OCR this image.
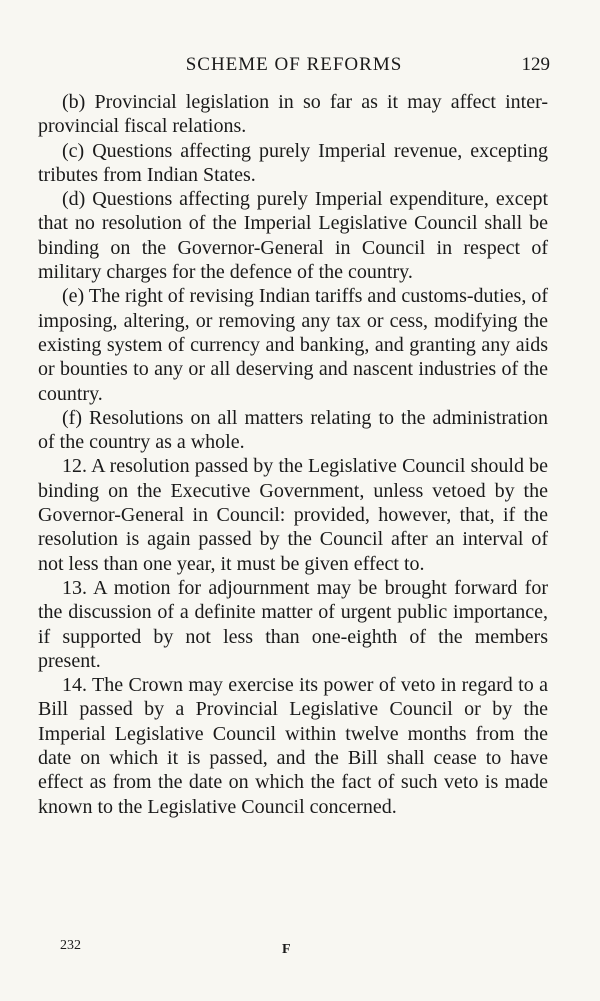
SCHEME OF REFORMS	129

(b) Provincial legislation in so far as it may affect inter-provincial fiscal relations.

(c) Questions affecting purely Imperial revenue, excepting tributes from Indian States.

(d) Questions affecting purely Imperial expenditure, except that no resolution of the Imperial Legislative Council shall be binding on the Governor-General in Council in respect of military charges for the defence of the country.

(e) The right of revising Indian tariffs and customs-duties, of imposing, altering, or removing any tax or cess, modifying the existing system of currency and banking, and granting any aids or bounties to any or all deserving and nascent industries of the country.

(f) Resolutions on all matters relating to the administration of the country as a whole.

12. A resolution passed by the Legislative Council should be binding on the Executive Government, unless vetoed by the Governor-General in Council: provided, however, that, if the resolution is again passed by the Council after an interval of not less than one year, it must be given effect to.

13. A motion for adjournment may be brought forward for the discussion of a definite matter of urgent public importance, if supported by not less than one-eighth of the members present.

14. The Crown may exercise its power of veto in regard to a Bill passed by a Provincial Legislative Council or by the Imperial Legislative Council within twelve months from the date on which it is passed, and the Bill shall cease to have effect as from the date on which the fact of such veto is made known to the Legislative Council concerned.

232	F
